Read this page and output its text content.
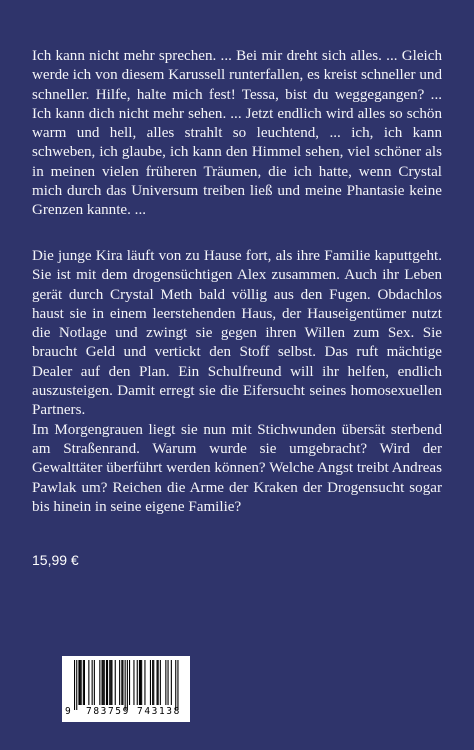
Ich kann nicht mehr sprechen. ... Bei mir dreht sich alles. ... Gleich werde ich von diesem Karussell runterfallen, es kreist schneller und schneller. Hilfe, halte mich fest! Tessa, bist du weggegangen? ... Ich kann dich nicht mehr sehen. ... Jetzt endlich wird alles so schön warm und hell, alles strahlt so leuchtend, ... ich, ich kann schweben, ich glaube, ich kann den Himmel sehen, viel schöner als in meinen vielen früheren Träumen, die ich hatte, wenn Crystal mich durch das Universum treiben ließ und meine Phantasie keine Grenzen kannte. ...

Die junge Kira läuft von zu Hause fort, als ihre Familie kaputtgeht. Sie ist mit dem drogensüchtigen Alex zusammen. Auch ihr Leben gerät durch Crystal Meth bald völlig aus den Fugen. Obdachlos haust sie in einem leerstehenden Haus, der Hauseigentümer nutzt die Notlage und zwingt sie gegen ihren Willen zum Sex. Sie braucht Geld und vertickt den Stoff selbst. Das ruft mächtige Dealer auf den Plan. Ein Schulfreund will ihr helfen, endlich auszusteigen. Damit erregt sie die Eifersucht seines homosexuellen Partners.

Im Morgengrauen liegt sie nun mit Stichwunden übersät sterbend am Straßenrand. Warum wurde sie umgebracht? Wird der Gewalttäter überführt werden können? Welche Angst treibt Andreas Pawlak um? Reichen die Arme der Kraken der Drogensucht sogar bis hinein in seine eigene Familie?

15,99 €
9 783759 743138
